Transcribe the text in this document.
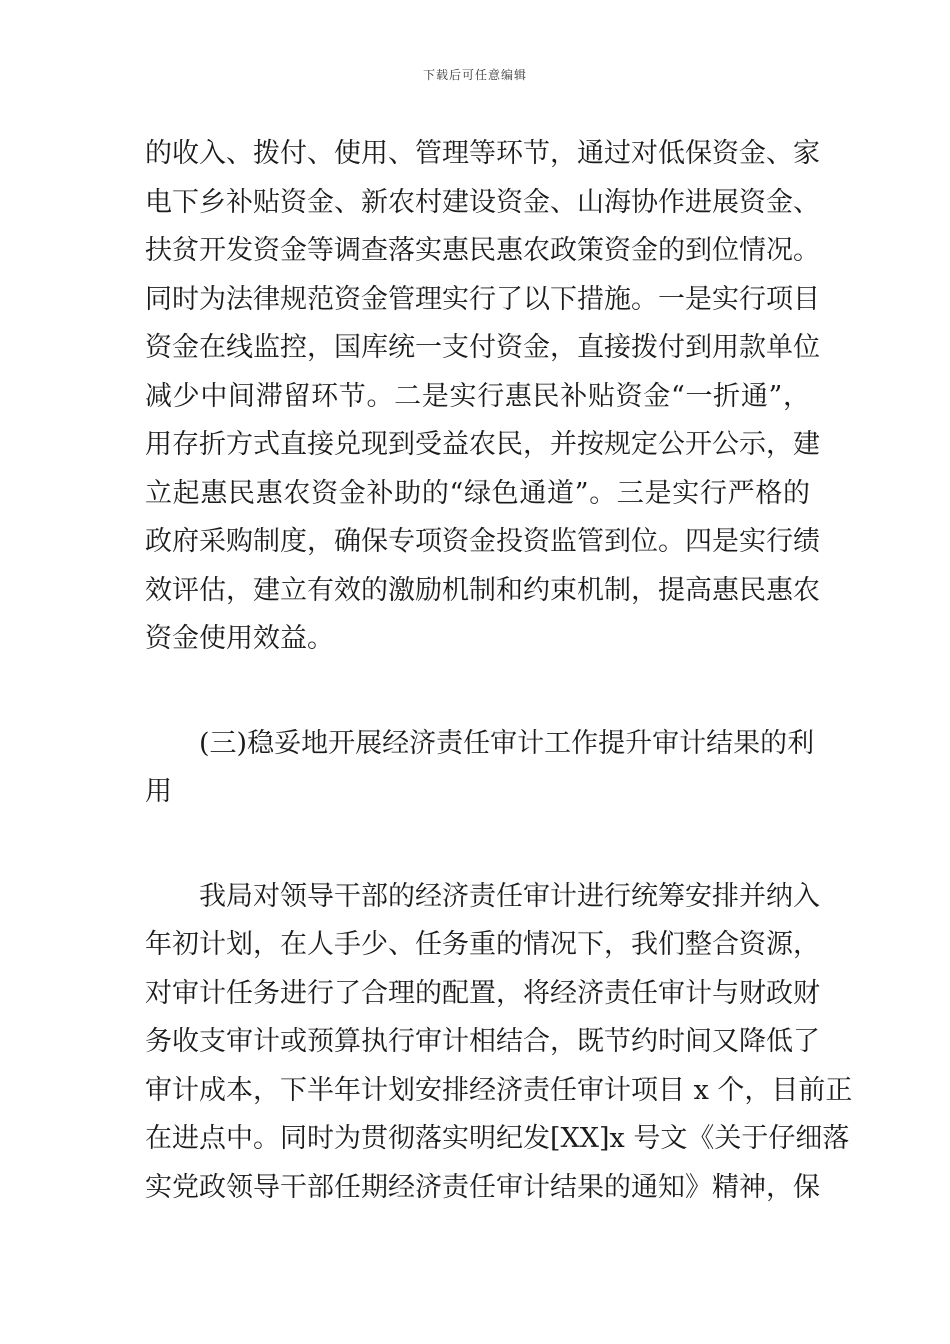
下载后可任意编辑
的收入、拨付、使用、管理等环节，通过对低保资金、家
电下乡补贴资金、新农村建设资金、山海协作进展资金、
扶贫开发资金等调查落实惠民惠农政策资金的到位情况。
同时为法律规范资金管理实行了以下措施。一是实行项目
资金在线监控，国库统一支付资金，直接拨付到用款单位
减少中间滞留环节。二是实行惠民补贴资金“一折通”，
用存折方式直接兑现到受益农民，并按规定公开公示，建
立起惠民惠农资金补助的“绿色通道”。三是实行严格的
政府采购制度，确保专项资金投资监管到位。四是实行绩
效评估，建立有效的激励机制和约束机制，提高惠民惠农
资金使用效益。
(三)稳妥地开展经济责任审计工作提升审计结果的利
用
我局对领导干部的经济责任审计进行统筹安排并纳入
年初计划，在人手少、任务重的情况下，我们整合资源，
对审计任务进行了合理的配置，将经济责任审计与财政财
务收支审计或预算执行审计相结合，既节约时间又降低了
审计成本，下半年计划安排经济责任审计项目 x 个，目前正
在进点中。同时为贯彻落实明纪发[XX]x 号文《关于仔细落
实党政领导干部任期经济责任审计结果的通知》精神，保
